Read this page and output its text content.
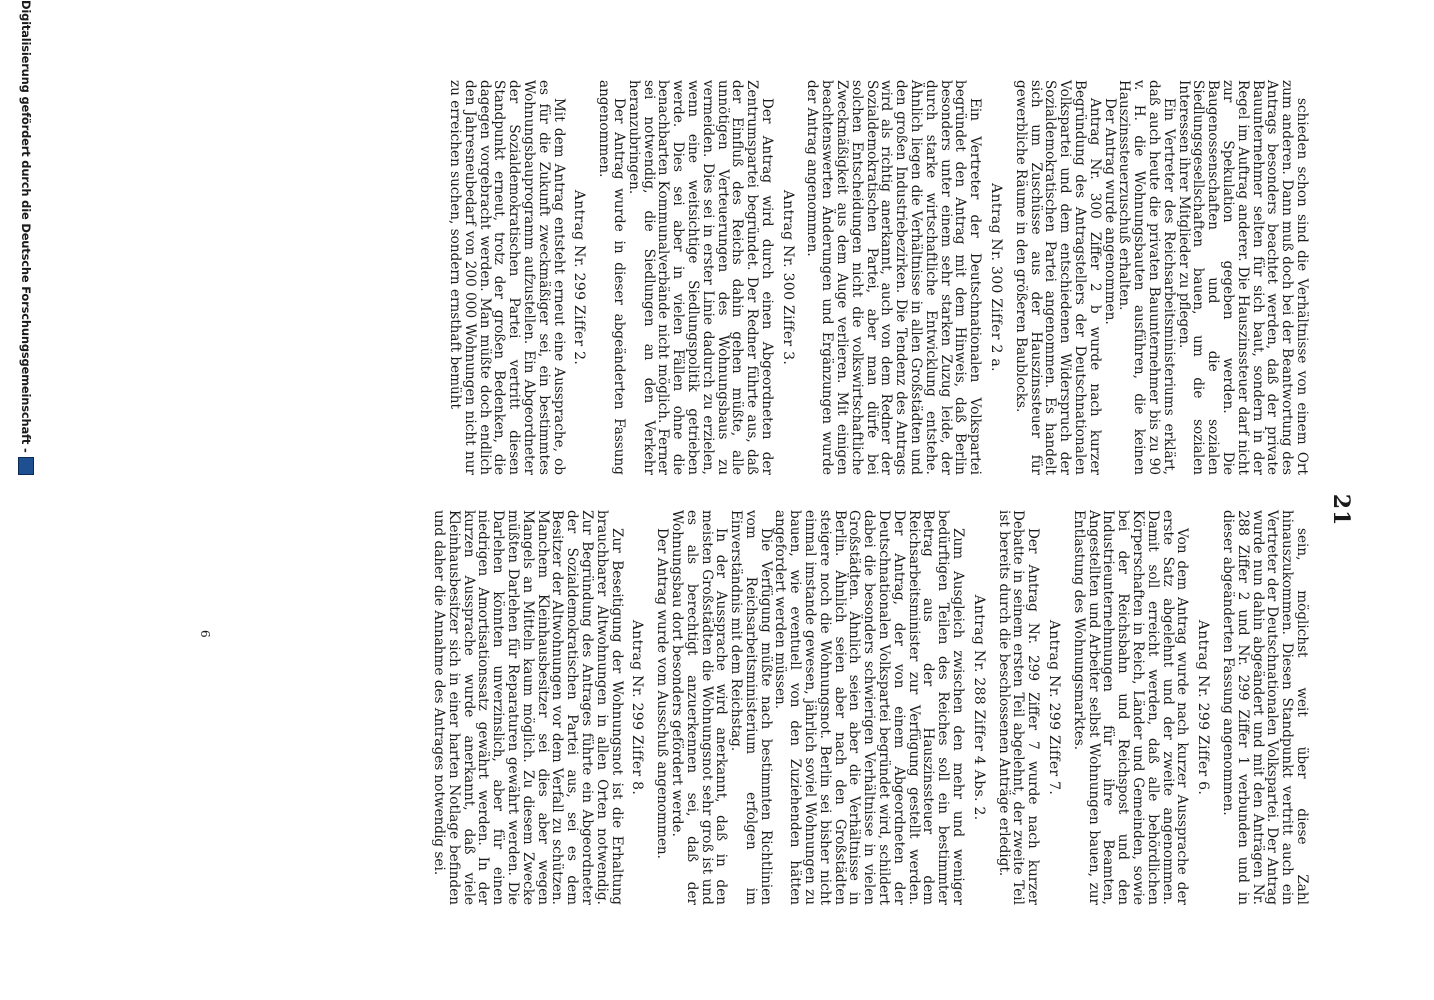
21

schieden schon sind die Verhältnisse von einem Ort zum anderen. Dann muß doch bei der Beantwortung des Antrags besonders beachtet werden, daß der private Bauunternehmer selten für sich baut, sondern in der Regel im Auftrag anderer. Die Hauszinssteuer darf nicht zur Spekulation gegeben werden. Die Baugenossenschaften und die sozialen Siedlungsgesellschaften bauen, um die sozialen Interessen ihrer Mitglieder zu pflegen.

Ein Vertreter des Reichsarbeitsministeriums erklärt, daß auch heute die privaten Bauunternehmer bis zu 90 v. H. die Wohnungsbauten ausführen, die keinen Hauszinssteuerzuschuß erhalten.

Der Antrag wurde angenommen.

Antrag Nr. 300 Ziffer 2 b wurde nach kurzer Begründung des Antragstellers der Deutschnationalen Volkspartei und dem entschiedenen Widerspruch der Sozialdemokratischen Partei angenommen. Es handelt sich um Zuschüsse aus der Hauszinssteuer für gewerbliche Räume in den größeren Baublocks.

Antrag Nr. 300 Ziffer 2 a.

Ein Vertreter der Deutschnationalen Volkspartei begründet den Antrag mit dem Hinweis, daß Berlin besonders unter einem sehr starken Zuzug leide, der durch starke wirtschaftliche Entwicklung entstehe. Ähnlich liegen die Verhältnisse in allen Großstädten und den großen Industriebezirken. Die Tendenz des Antrags wird als richtig anerkannt, auch von dem Redner der Sozialdemokratischen Partei, aber man dürfe bei solchen Entscheidungen nicht die volkswirtschaftliche Zweckmäßigkeit aus dem Auge verlieren. Mit einigen beachtenswerten Änderungen und Ergänzungen wurde der Antrag angenommen.

Antrag Nr. 300 Ziffer 3.

Der Antrag wird durch einen Abgeordneten der Zentrumspartei begründet. Der Redner führte aus, daß der Einfluß des Reichs dahin gehen müßte, alle unnötigen Verteuerungen des Wohnungsbaus zu vermeiden. Dies sei in erster Linie dadurch zu erzielen, wenn eine weitsichtige Siedlungspolitik getrieben werde. Dies sei aber in vielen Fällen ohne die benachbarten Kommunalverbände nicht möglich. Ferner sei notwendig, die Siedlungen an den Verkehr heranzubringen.

Der Antrag wurde in dieser abgeänderten Fassung angenommen.

Antrag Nr. 299 Ziffer 2.

Mit dem Antrag entsteht erneut eine Aussprache, ob es für die Zukunft zweckmäßiger sei, ein bestimmtes Wohnungsbauprogramm aufzustellen. Ein Abgeordneter der Sozialdemokratischen Partei vertritt diesen Standpunkt erneut, trotz der großen Bedenken, die dagegen vorgebracht werden. Man müßte doch endlich den Jahresneubedarf von 200 000 Wohnungen nicht nur zu erreichen suchen, sondern ernsthaft bemüht

sein, möglichst weit über diese Zahl hinauszukommen. Diesen Standpunkt vertritt auch ein Vertreter der Deutschnationalen Volkspartei. Der Antrag wurde nun dahin abgeändert und mit den Anträgen Nr. 288 Ziffer 2 und Nr. 299 Ziffer 1 verbunden und in dieser abgeänderten Fassung angenommen.

Antrag Nr. 299 Ziffer 6.

Von dem Antrag wurde nach kurzer Aussprache der erste Satz abgelehnt und der zweite angenommen. Damit soll erreicht werden, daß alle behördlichen Körperschaften in Reich, Länder und Gemeinden, sowie bei der Reichsbahn und Reichspost und den Industrieunternehmungen für ihre Beamten, Angestellten und Arbeiter selbst Wohnungen bauen, zur Entlastung des Wohnungsmarktes.

Antrag Nr. 299 Ziffer 7.

Der Antrag Nr. 299 Ziffer 7 wurde nach kurzer Debatte in seinem ersten Teil abgelehnt, der zweite Teil ist bereits durch die beschlossenen Anträge erledigt.

Antrag Nr. 288 Ziffer 4 Abs. 2.

Zum Ausgleich zwischen den mehr und weniger bedürftigen Teilen des Reiches soll ein bestimmter Betrag aus der Hauszinssteuer dem Reichsarbeitsminister zur Verfügung gestellt werden. Der Antrag, der von einem Abgeordneten der Deutschnationalen Volkspartei begründet wird, schildert dabei die besonders schwierigen Verhältnisse in vielen Großstädten. Ähnlich seien aber die Verhältnisse in Berlin. Ähnlich seien aber nach den Großstädten steigere noch die Wohnungsnot. Berlin sei bisher nicht einmal imstande gewesen, jährlich soviel Wohnungen zu bauen, wie eventuell von den Zuziehenden hätten angefordert werden müssen.

Die Verfügung müßte nach bestimmten Richtlinien vom Reichsarbeitsministerium erfolgen im Einverständnis mit dem Reichstag.

In der Aussprache wird anerkannt, daß in den meisten Großstädten die Wohnungsnot sehr groß ist und es als berechtigt anzuerkennen sei, daß der Wohnungsbau dort besonders gefördert werde.

Der Antrag wurde vom Ausschuß angenommen.

Antrag Nr. 299 Ziffer 8.

Zur Beseitigung der Wohnungsnot ist die Erhaltung brauchbarer Altwohnungen in allen Orten notwendig. Zur Begründung des Antrages führte ein Abgeordneter der Sozialdemokratischen Partei aus, sei es dem Besitzer der Altwohnungen vor dem Verfall zu schützen. Manchem Kleinhausbesitzer sei dies aber wegen Mangels an Mitteln kaum möglich. Zu diesem Zwecke müßten Darlehen für Reparaturen gewährt werden. Die Darlehen könnten unverzinslich, aber für einen niedrigen Amortisationssatz gewährt werden. In der kurzen Aussprache wurde anerkannt, daß viele Kleinhausbesitzer sich in einer harten Notlage befinden und daher die Annahme des Antrages notwendig sei.

6
Digitalisierung gefördert durch die Deutsche Forschungsgemeinschaft -
